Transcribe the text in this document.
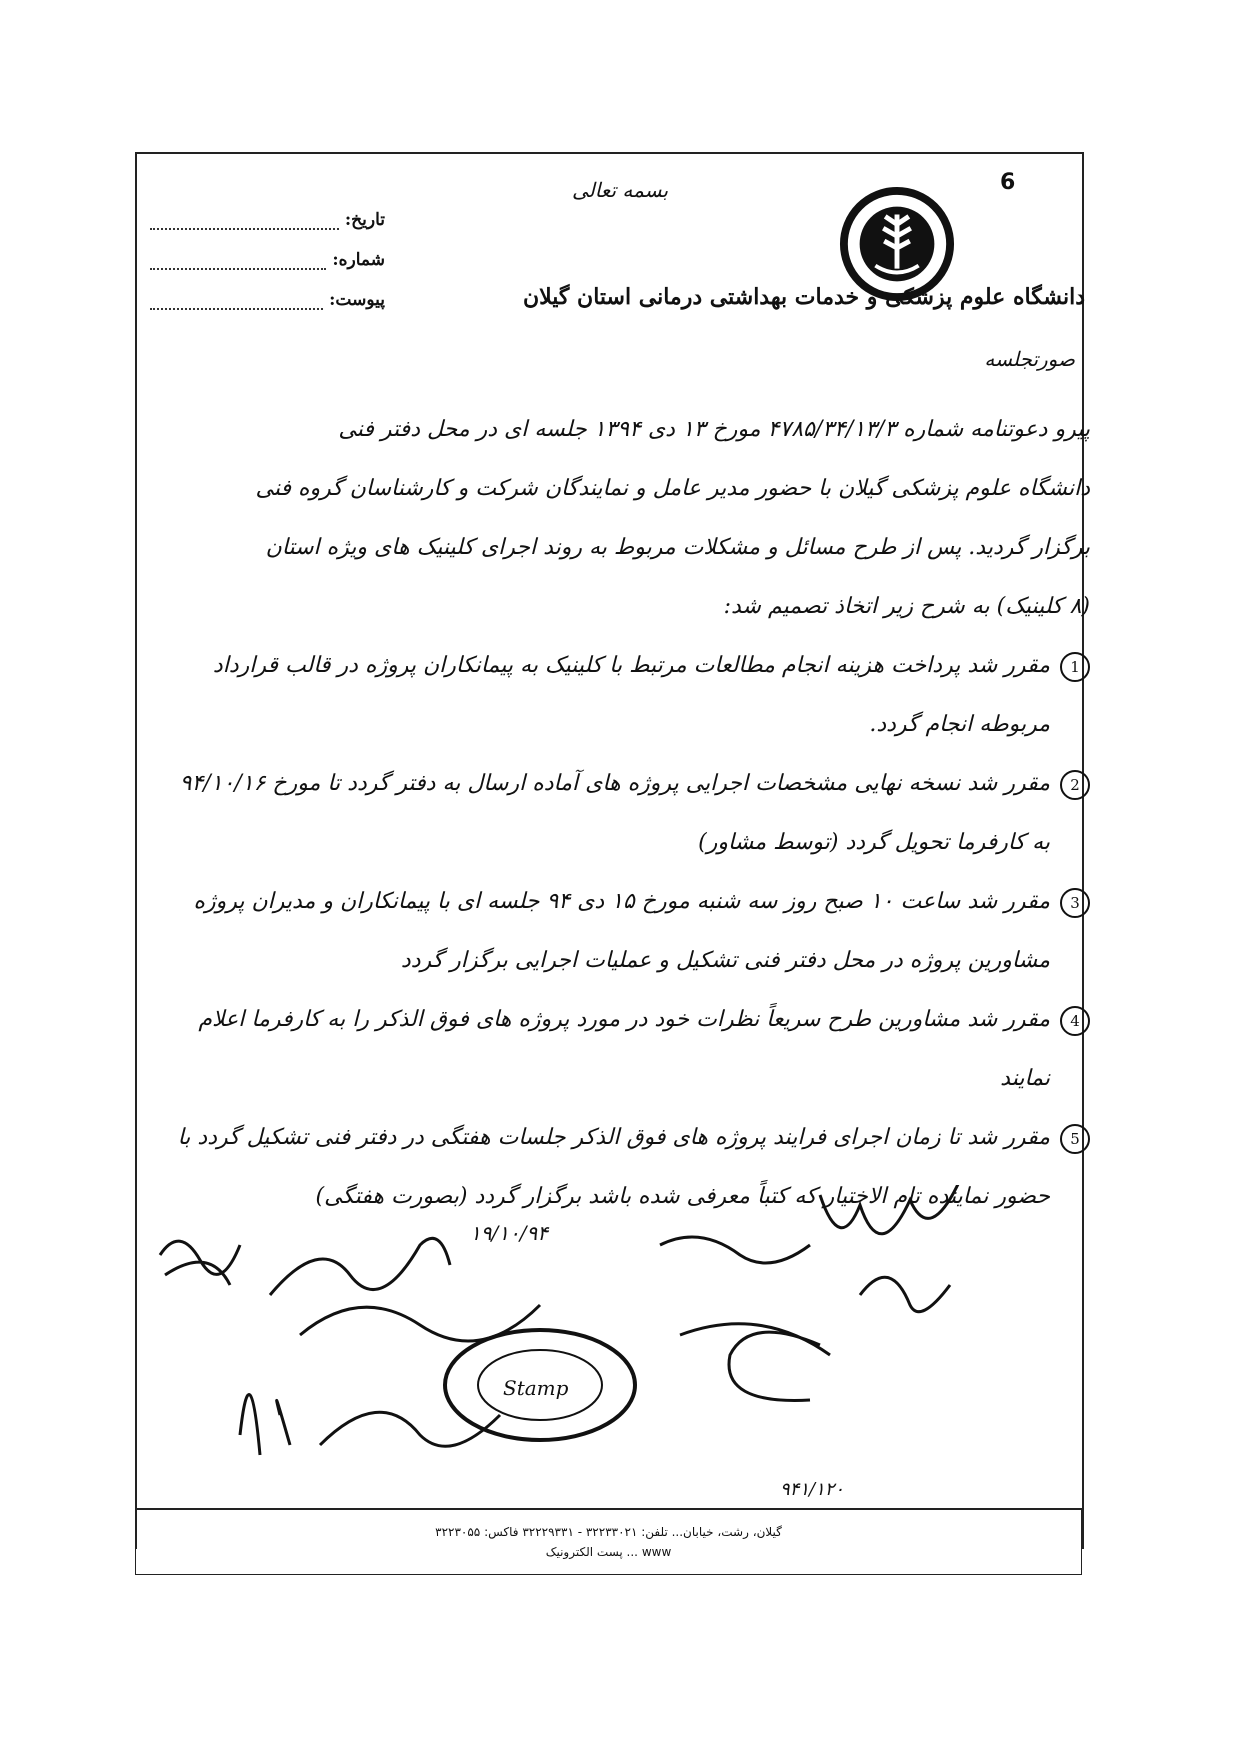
6
تاریخ:
شماره:
پیوست:
بسمه تعالی
دانشگاه علوم پزشکی و خدمات بهداشتی درمانی استان گیلان
صورتجلسه

پیرو دعوتنامه شماره ۴۷۸۵/۳۴/۱۳/۳ مورخ ۱۳ دی ۱۳۹۴ جلسه ای در محل دفتر فنی

دانشگاه علوم پزشکی گیلان با حضور مدیر عامل و نمایندگان شرکت و کارشناسان گروه فنی

برگزار گردید. پس از طرح مسائل و مشکلات مربوط به روند اجرای کلینیک های ویژه استان

(۸ کلینیک) به شرح زیر اتخاذ تصمیم شد:

1
مقرر شد پرداخت هزینه انجام مطالعات مرتبط با کلینیک به پیمانکاران پروژه در قالب قرارداد مربوطه انجام گردد.
2
مقرر شد نسخه نهایی مشخصات اجرایی پروژه های آماده ارسال به دفتر گردد تا مورخ ۹۴/۱۰/۱۶ به کارفرما تحویل گردد (توسط مشاور)
3
مقرر شد ساعت ۱۰ صبح روز سه شنبه مورخ ۱۵ دی ۹۴ جلسه ای با پیمانکاران و مدیران پروژه مشاورین پروژه در محل دفتر فنی تشکیل و عملیات اجرایی برگزار گردد
4
مقرر شد مشاورین طرح سریعاً نظرات خود در مورد پروژه های فوق الذکر را به کارفرما اعلام نمایند
5
مقرر شد تا زمان اجرای فرایند پروژه های فوق الذکر جلسات هفتگی در دفتر فنی تشکیل گردد با حضور نماینده تام الاختیار که کتباً معرفی شده باشد برگزار گردد (بصورت هفتگی)
Stamp
۱۹/۱۰/۹۴
۹۴۱/۱۲۰
گیلان، رشت، خیابان... تلفن: ۳۲۲۳۳۰۲۱ - ۳۲۲۲۹۳۳۱ فاکس: ۳۲۲۳۰۵۵
www ... پست الکترونیک
